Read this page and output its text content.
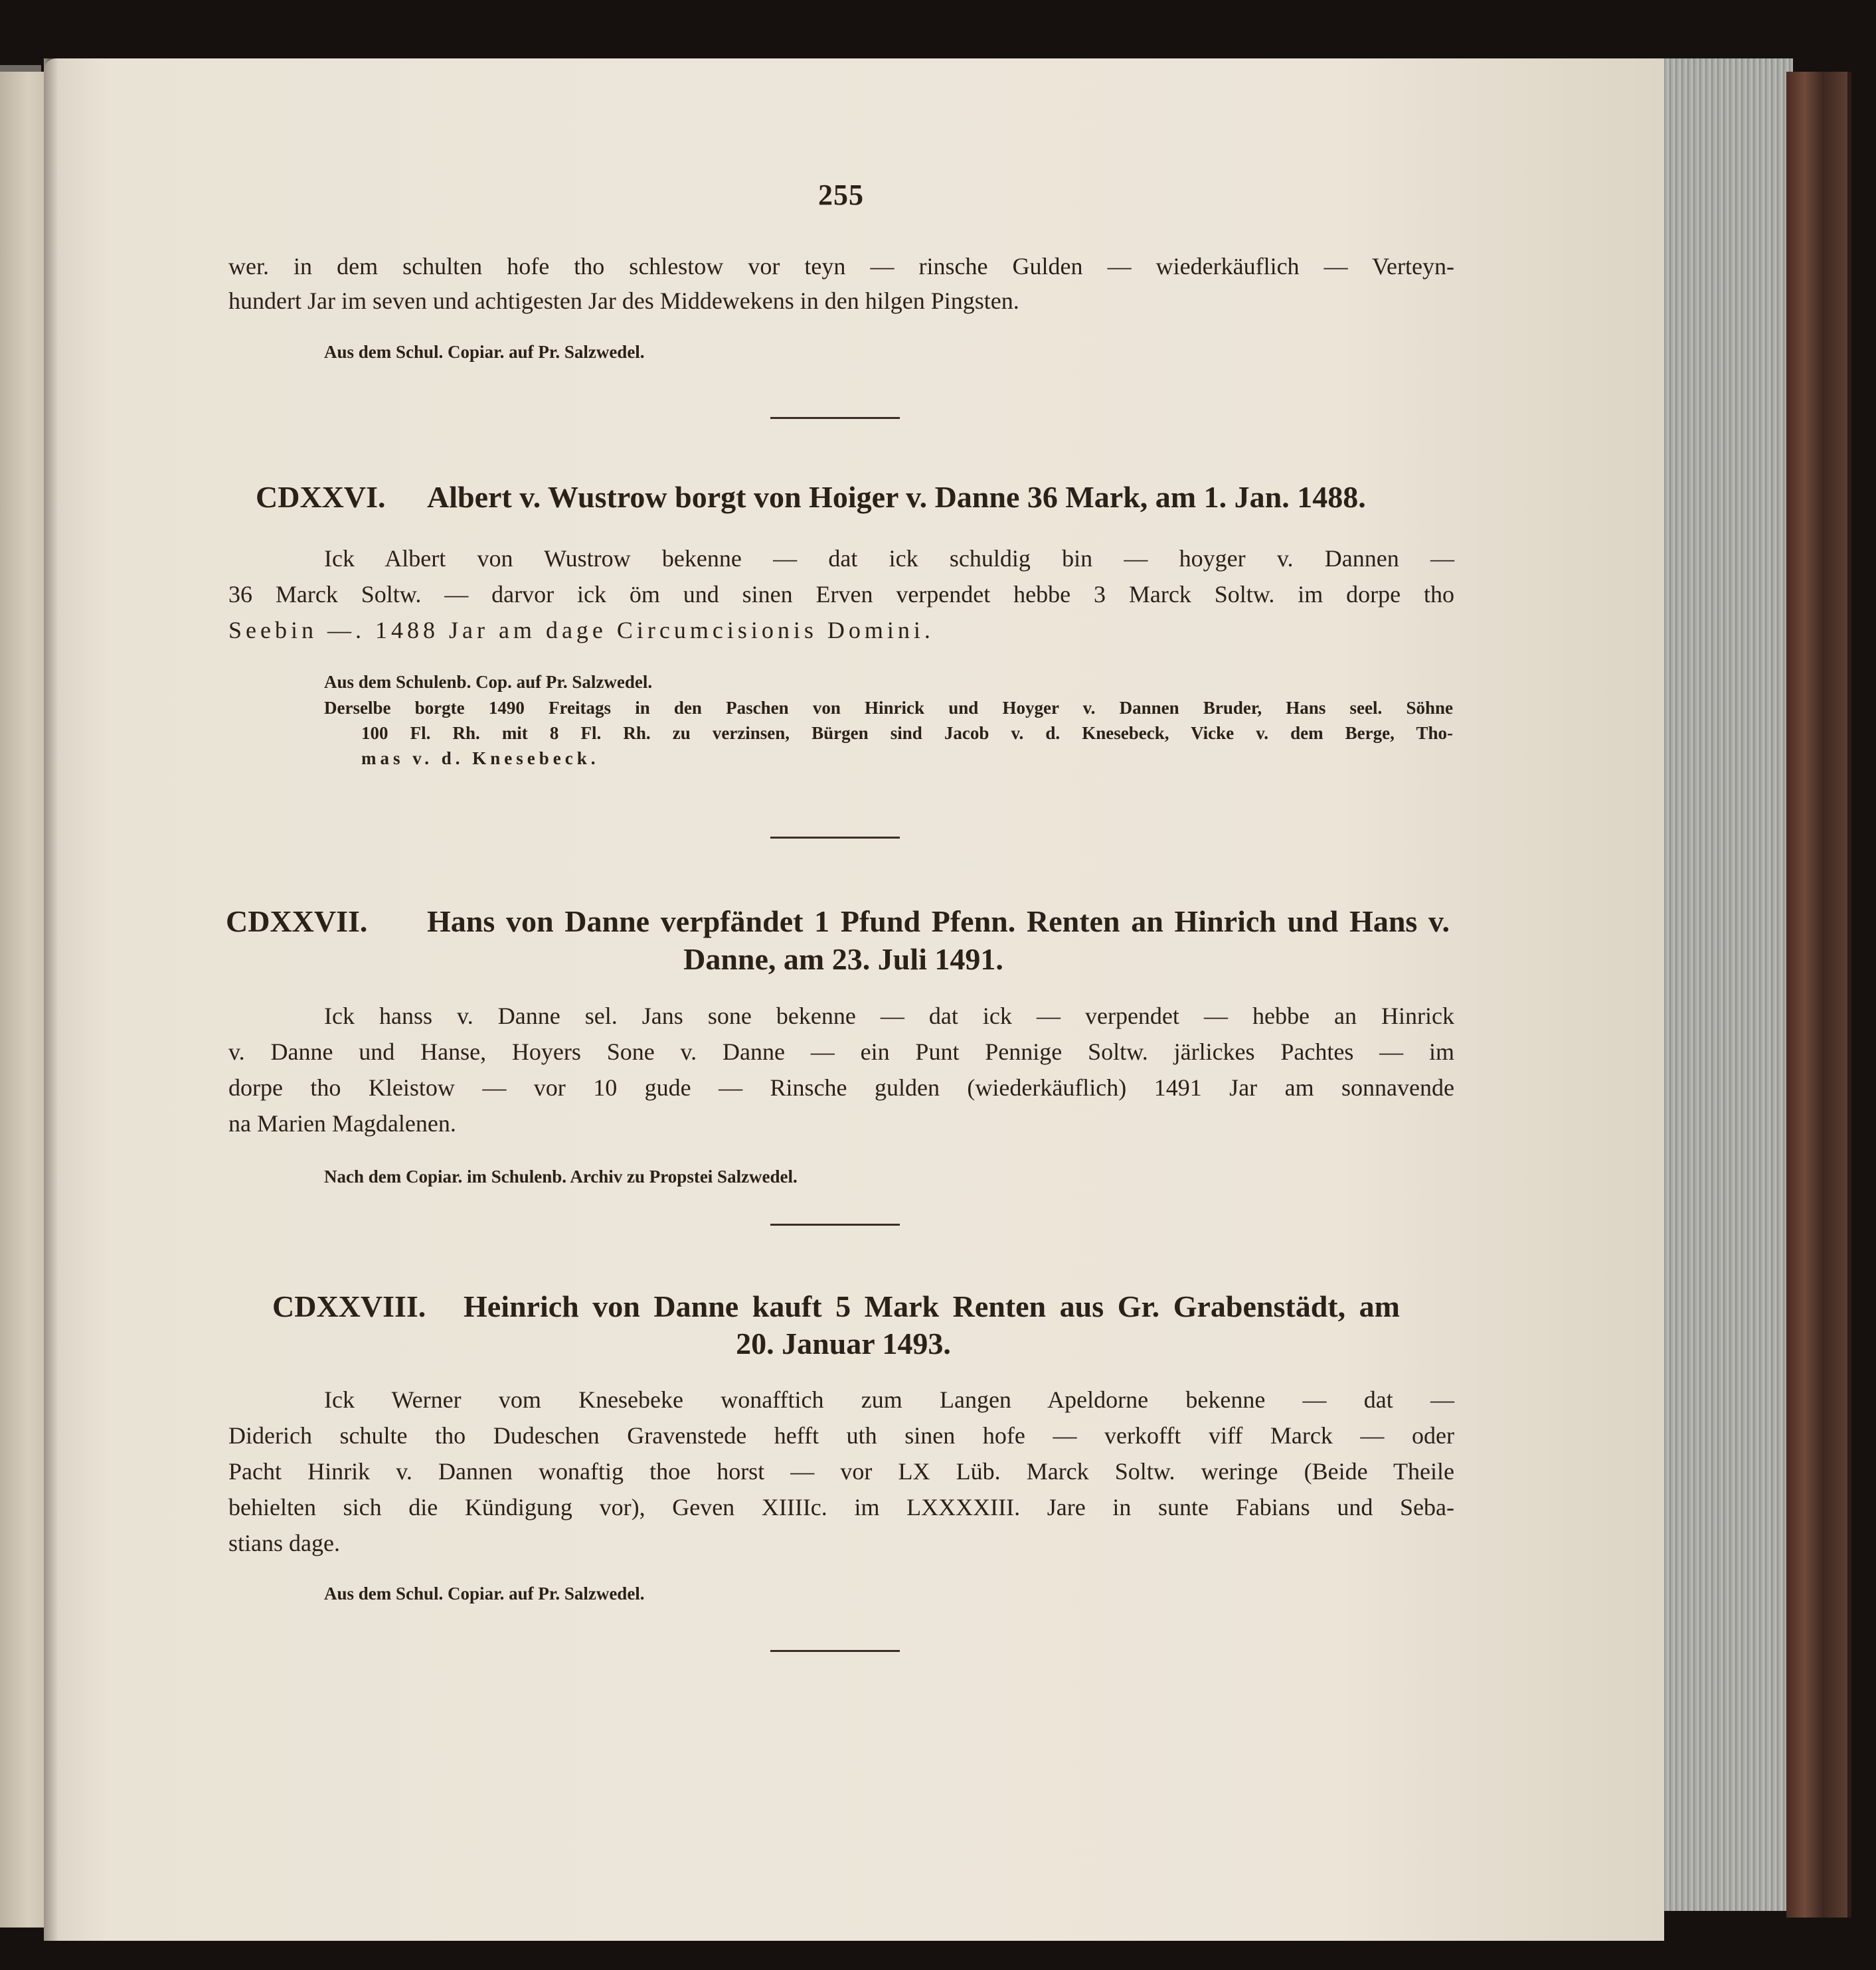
255

wer. in dem schulten hofe tho schlestow vor teyn — rinsche Gulden — wiederkäuflich — Verteyn-

hundert Jar im seven und achtigesten Jar des Middewekens in den hilgen Pingsten.

Aus dem Schul. Copiar. auf Pr. Salzwedel.

CDXXVI. Albert v. Wustrow borgt von Hoiger v. Danne 36 Mark, am 1. Jan. 1488.

Ick Albert von Wustrow bekenne — dat ick schuldig bin — hoyger v. Dannen —

36 Marck Soltw. — darvor ick öm und sinen Erven verpendet hebbe 3 Marck Soltw. im dorpe tho

Seebin —. 1488 Jar am dage Circumcisionis Domini.

Aus dem Schulenb. Cop. auf Pr. Salzwedel.

Derselbe borgte 1490 Freitags in den Paschen von Hinrick und Hoyger v. Dannen Bruder, Hans seel. Söhne

100 Fl. Rh. mit 8 Fl. Rh. zu verzinsen, Bürgen sind Jacob v. d. Knesebeck, Vicke v. dem Berge, Tho-

mas v. d. Knesebeck.

CDXXVII. Hans von Danne verpfändet 1 Pfund Pfenn. Renten an Hinrich und Hans v.

Danne, am 23. Juli 1491.

Ick hanss v. Danne sel. Jans sone bekenne — dat ick — verpendet — hebbe an Hinrick

v. Danne und Hanse, Hoyers Sone v. Danne — ein Punt Pennige Soltw. järlickes Pachtes — im

dorpe tho Kleistow — vor 10 gude — Rinsche gulden (wiederkäuflich) 1491 Jar am sonnavende

na Marien Magdalenen.

Nach dem Copiar. im Schulenb. Archiv zu Propstei Salzwedel.

CDXXVIII. Heinrich von Danne kauft 5 Mark Renten aus Gr. Grabenstädt, am

20. Januar 1493.

Ick Werner vom Knesebeke wonafftich zum Langen Apeldorne bekenne — dat —

Diderich schulte tho Dudeschen Gravenstede hefft uth sinen hofe — verkofft viff Marck — oder

Pacht Hinrik v. Dannen wonaftig thoe horst — vor LX Lüb. Marck Soltw. weringe (Beide Theile

behielten sich die Kündigung vor), Geven XIIIIc. im LXXXXIII. Jare in sunte Fabians und Seba-

stians dage.

Aus dem Schul. Copiar. auf Pr. Salzwedel.
